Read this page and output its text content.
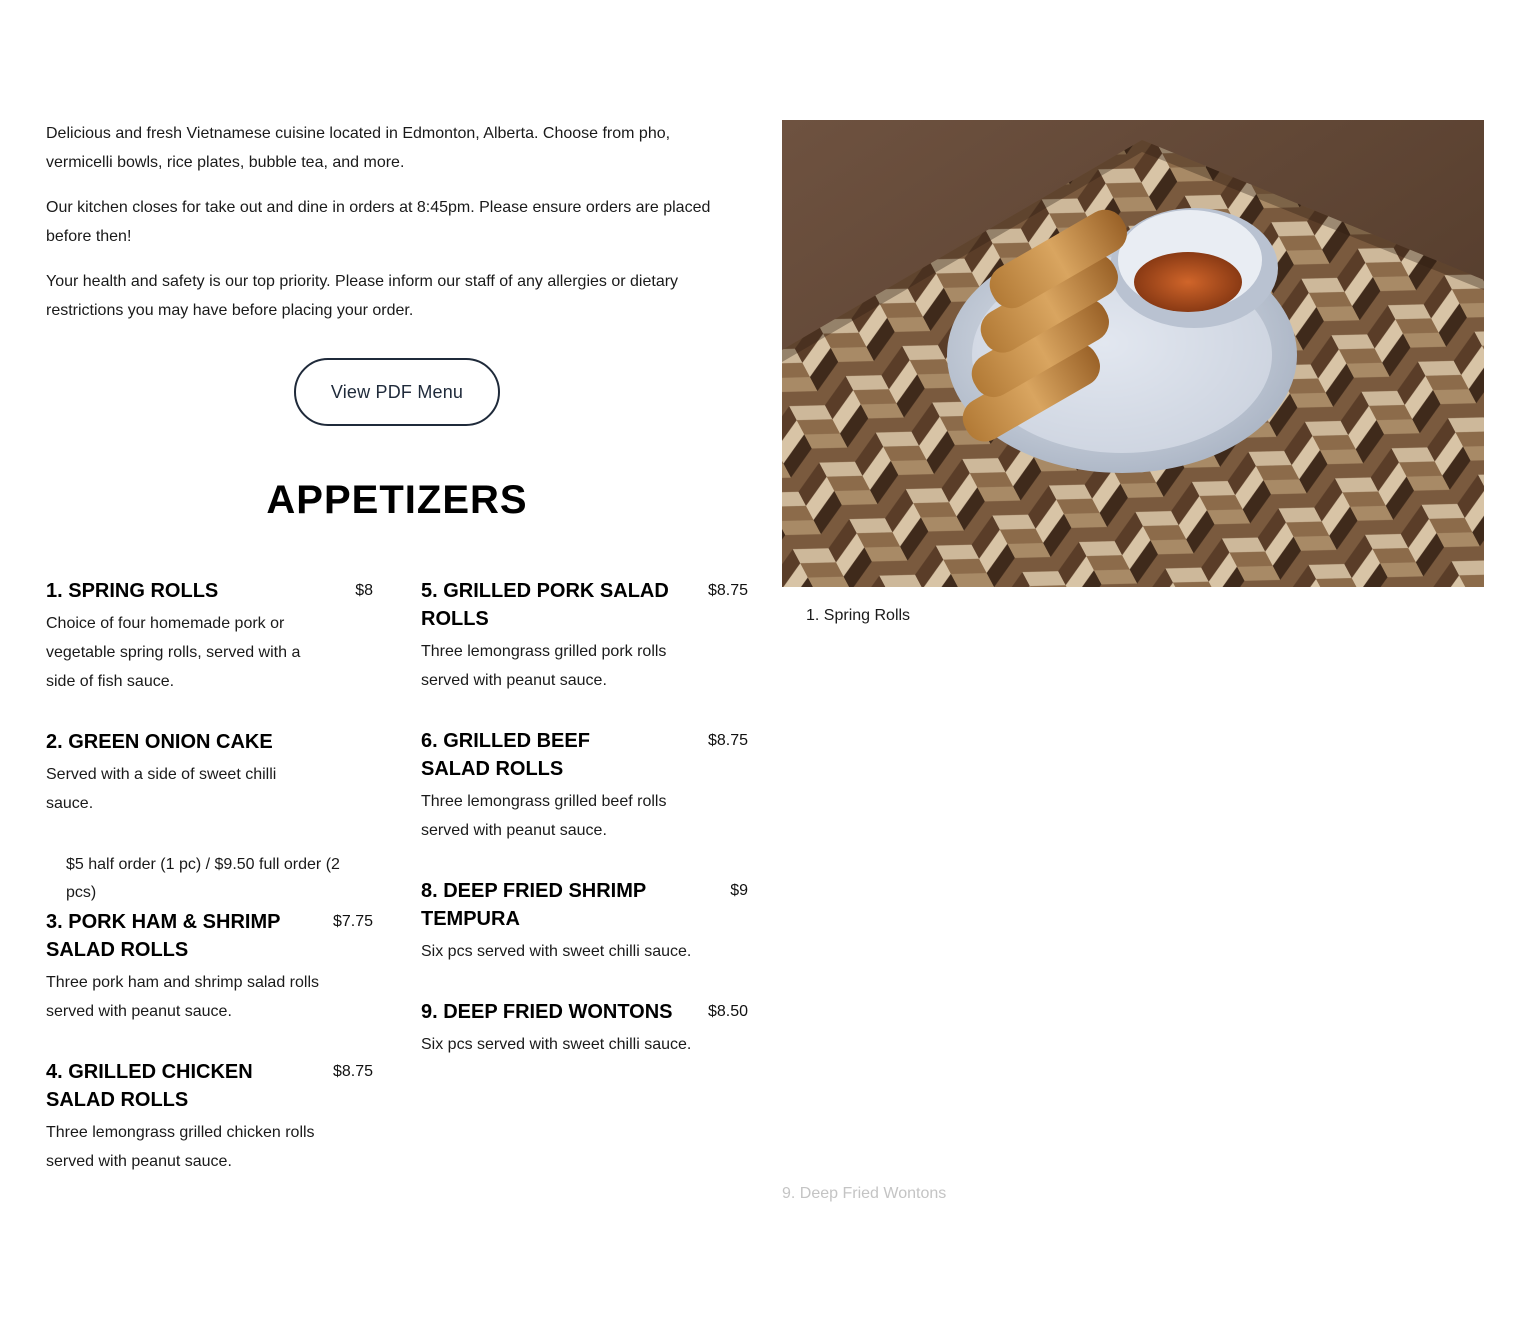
Delicious and fresh Vietnamese cuisine located in Edmonton, Alberta. Choose from pho, vermicelli bowls, rice plates, bubble tea, and more.

Our kitchen closes for take out and dine in orders at 8:45pm. Please ensure orders are placed before then!

Your health and safety is our top priority. Please inform our staff of any allergies or dietary restrictions you may have before placing your order.

View PDF Menu
APPETIZERS
1. SPRING ROLLS	$8

Choice of four homemade pork or vegetable spring rolls, served with a side of fish sauce.

2. GREEN ONION CAKE

Served with a side of sweet chilli sauce.

$5 half order (1 pc) / $9.50 full order (2 pcs)
3. PORK HAM & SHRIMP SALAD ROLLS
$7.75

Three pork ham and shrimp salad rolls served with peanut sauce.

4. GRILLED CHICKEN SALAD ROLLS
$8.75

Three lemongrass grilled chicken rolls served with peanut sauce.

5. GRILLED PORK SALAD ROLLS
$8.75

Three lemongrass grilled pork rolls served with peanut sauce.

6. GRILLED BEEF SALAD ROLLS
$8.75

Three lemongrass grilled beef rolls served with peanut sauce.

8. DEEP FRIED SHRIMP TEMPURA
$9

Six pcs served with sweet chilli sauce.

9. DEEP FRIED WONTONS $8.50

Six pcs served with sweet chilli sauce.

1. Spring Rolls
9. Deep Fried Wontons
